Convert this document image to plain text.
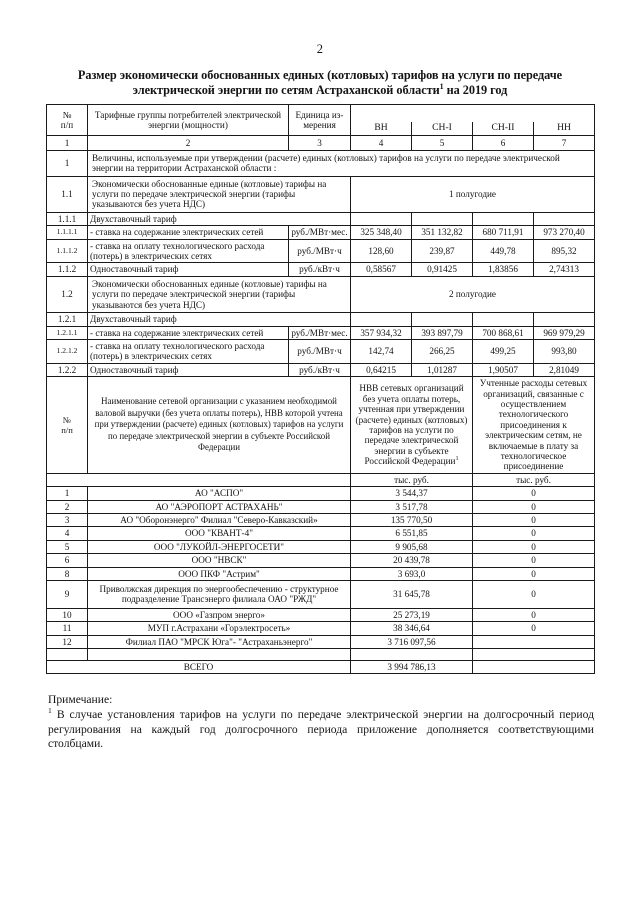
2
Размер экономически обоснованных единых (котловых) тарифов на услуги по передаче
электрической энергии по сетям Астраханской области$^1$ на 2019 год
№
п/п	Тарифные группы потребителей электрической энергии (мощности)	Единица из-
мерения				
			ВН	СН-I	СН-II	НН
1	2	3	4	5	6	7
1	Величины, используемые при утверждении (расчете) единых (котловых) тарифов на услуги по передаче электрической энергии на территории Астраханской области :					
1.1	Экономически обоснованные единые (котловые) тарифы на услуги по передаче электрической энергии (тарифы указываются без учета НДС)		1 полугодие			
1.1.1	Двухставочный тариф					
1.1.1.1	- ставка на содержание электрических сетей	руб./МВт·мес.	325 348,40	351 132,82	680 711,91	973 270,40
1.1.1.2	- ставка на оплату технологического расхода (потерь) в электрических сетях	руб./МВт·ч	128,60	239,87	449,78	895,32
1.1.2	Одноставочный тариф	руб./кВт·ч	0,58567	0,91425	1,83856	2,74313
1.2	Экономически обоснованных единые (котловые) тарифы на услуги по передаче электрической энергии (тарифы указываются без учета НДС)		2 полугодие			
1.2.1	Двухставочный тариф					
1.2.1.1	- ставка на содержание электрических сетей	руб./МВт·мес.	357 934,32	393 897,79	700 868,61	969 979,29
1.2.1.2	- ставка на оплату технологического расхода (потерь) в электрических сетях	руб./МВт·ч	142,74	266,25	499,25	993,80
1.2.2	Одноставочный тариф	руб./кВт·ч	0,64215	1,01287	1,90507	2,81049
№
п/п	Наименование сетевой организации с указанием необходимой валовой выручки (без учета оплаты потерь), НВВ которой учтена при утверждении (расчете) единых (котловых) тарифов на услуги по передаче электрической энергии в субъекте Российской Федерации		НВВ сетевых организаций без учета оплаты потерь, учтенная при утверждении (расчете) единых (котловых) тарифов на услуги по передаче электрической энергии в субъекте Российской Федерации$^1$		Учтенные расходы сетевых организаций, связанные с осуществлением технологического присоединения к электрическим сетям, не включаемые в плату за технологическое присоединение	
			тыс. руб.		тыс. руб.	
1	АО "АСПО"		3 544,37		0	
2	АО "АЭРОПОРТ АСТРАХАНЬ"		3 517,78		0	
3	АО "Оборонэнерго" Филиал "Северо-Кавказский»		135 770,50		0	
4	ООО "КВАНТ-4"		6 551,85		0	
5	ООО "ЛУКОЙЛ-ЭНЕРГОСЕТИ"		9 905,68		0	
6	ООО "НВСК"		20 439,78		0	
8	ООО ПКФ "Астрим"		3 693,0		0	
9	Приволжская дирекция по энергообеспечению - структурное подразделение Трансэнерго филиала ОАО "РЖД"		31 645,78		0	
10	ООО «Газпром энерго»		25 273,19		0	
11	МУП г.Астрахани «Горэлектросеть»		38 346,64		0	
12	Филиал ПАО "МРСК Юга"- "Астраханьэнерго"		3 716 097,56			

ВСЕГО			3 994 786,13			
Примечание:
$^1$ В случае установления тарифов на услуги по передаче электрической энергии на долгосрочный период регулирования на каждый год долгосрочного периода приложение дополняется соответствующими столбцами.
